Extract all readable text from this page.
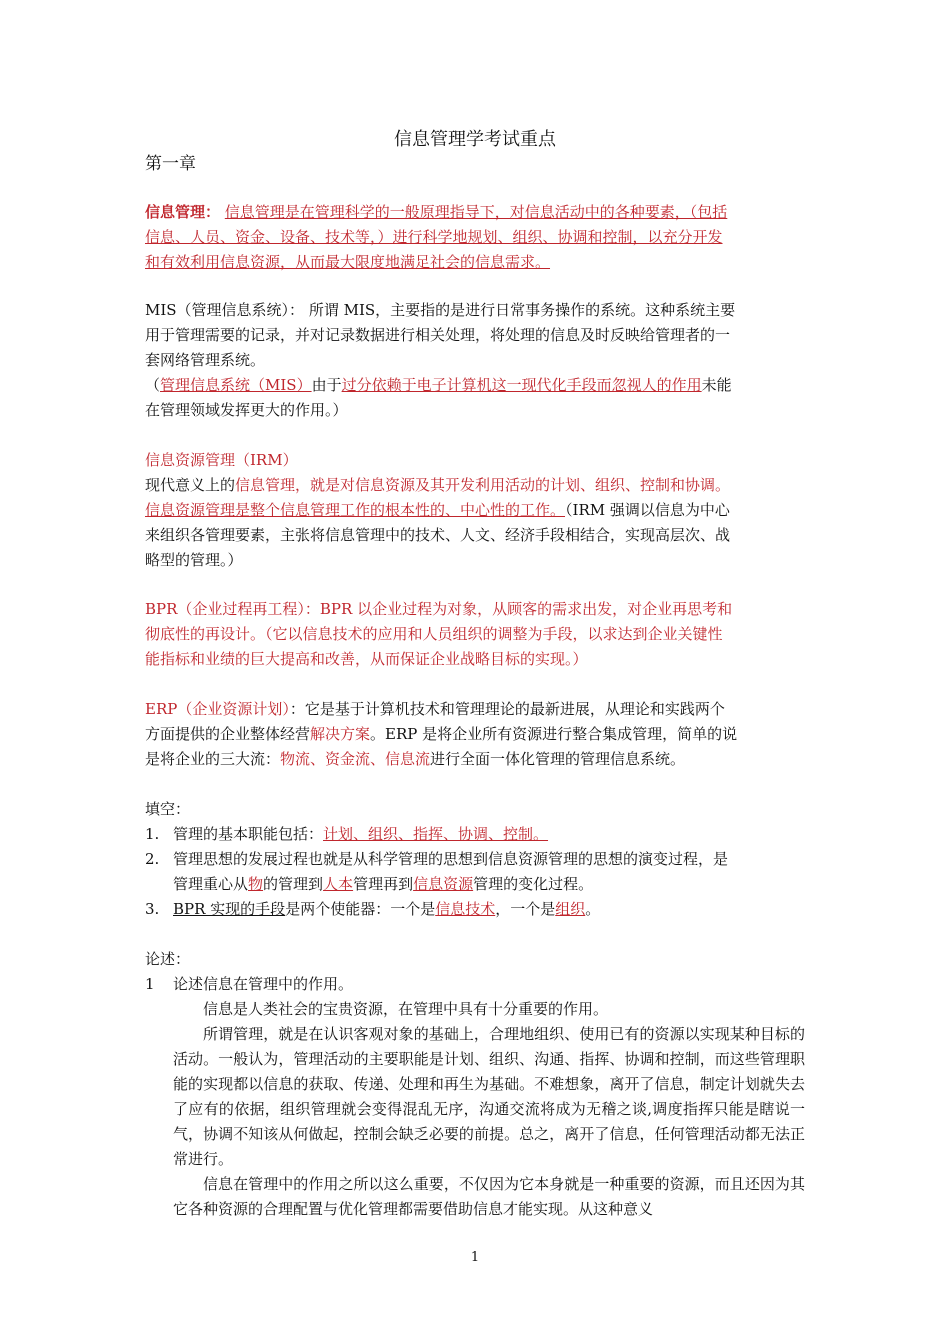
信息管理学考试重点
第一章
信息管理： 信息管理是在管理科学的一般原理指导下，对信息活动中的各种要素，（包括
信息、人员、资金、设备、技术等，）进行科学地规划、组织、协调和控制，以充分开发
和有效利用信息资源，从而最大限度地满足社会的信息需求。
MIS（管理信息系统）： 所谓 MIS，主要指的是进行日常事务操作的系统。这种系统主要
用于管理需要的记录，并对记录数据进行相关处理，将处理的信息及时反映给管理者的一
套网络管理系统。
（管理信息系统（MIS）由于过分依赖于电子计算机这一现代化手段而忽视人的作用未能
在管理领域发挥更大的作用。）
信息资源管理（IRM）
现代意义上的信息管理，就是对信息资源及其开发利用活动的计划、组织、控制和协调。
信息资源管理是整个信息管理工作的根本性的、中心性的工作。（IRM 强调以信息为中心
来组织各管理要素，主张将信息管理中的技术、人文、经济手段相结合，实现高层次、战
略型的管理。）
BPR（企业过程再工程）：BPR 以企业过程为对象，从顾客的需求出发，对企业再思考和
彻底性的再设计。（它以信息技术的应用和人员组织的调整为手段，以求达到企业关键性
能指标和业绩的巨大提高和改善，从而保证企业战略目标的实现。）
ERP（企业资源计划）：它是基于计算机技术和管理理论的最新进展，从理论和实践两个
方面提供的企业整体经营解决方案。ERP 是将企业所有资源进行整合集成管理，简单的说
是将企业的三大流：物流、资金流、信息流进行全面一体化管理的管理信息系统。
填空：
1. 管理的基本职能包括：计划、组织、指挥、协调、控制。
2. 管理思想的发展过程也就是从科学管理的思想到信息资源管理的思想的演变过程，是
管理重心从物的管理到人本管理再到信息资源管理的变化过程。
3. BPR 实现的手段是两个使能器：一个是信息技术，一个是组织。
论述：
1 论述信息在管理中的作用。
信息是人类社会的宝贵资源，在管理中具有十分重要的作用。
所谓管理，就是在认识客观对象的基础上，合理地组织、使用已有的资源以实现某种目标的活动。一般认为，管理活动的主要职能是计划、组织、沟通、指挥、协调和控制，而这些管理职能的实现都以信息的获取、传递、处理和再生为基础。不难想象，离开了信息，制定计划就失去了应有的依据，组织管理就会变得混乱无序，沟通交流将成为无稽之谈,调度指挥只能是瞎说一气，协调不知该从何做起，控制会缺乏必要的前提。总之，离开了信息，任何管理活动都无法正常进行。
信息在管理中的作用之所以这么重要，不仅因为它本身就是一种重要的资源，而且还因为其它各种资源的合理配置与优化管理都需要借助信息才能实现。从这种意义
1
